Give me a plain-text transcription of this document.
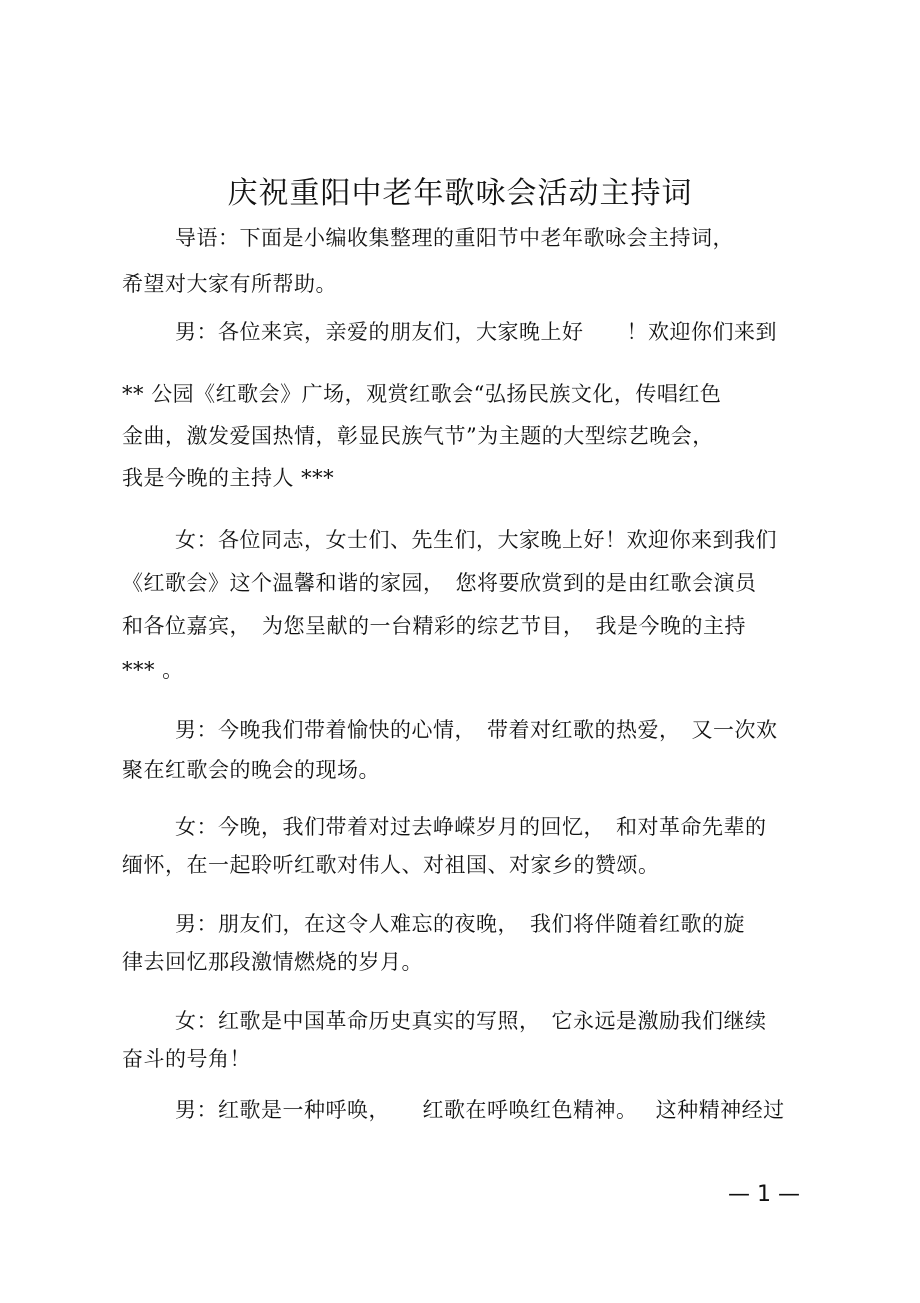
庆祝重阳中老年歌咏会活动主持词
导语：下面是小编收集整理的重阳节中老年歌咏会主持词，
希望对大家有所帮助。
男：各位来宾，亲爱的朋友们，大家晚上好　　！欢迎你们来到
** 公园《红歌会》广场，观赏红歌会“弘扬民族文化，传唱红色
金曲，激发爱国热情，彰显民族气节”为主题的大型综艺晚会，
我是今晚的主持人 ***
女：各位同志，女士们、先生们，大家晚上好！欢迎你来到我们
《红歌会》这个温馨和谐的家园，　您将要欣赏到的是由红歌会演员
和各位嘉宾，　为您呈献的一台精彩的综艺节目，　我是今晚的主持
*** 。
男：今晚我们带着愉快的心情，　带着对红歌的热爱，　又一次欢
聚在红歌会的晚会的现场。
女：今晚，我们带着对过去峥嵘岁月的回忆，　和对革命先辈的
缅怀，在一起聆听红歌对伟人、对祖国、对家乡的赞颂。
男：朋友们，在这令人难忘的夜晚，　我们将伴随着红歌的旋
律去回忆那段激情燃烧的岁月。
女：红歌是中国革命历史真实的写照，　它永远是激励我们继续
奋斗的号角！
男：红歌是一种呼唤，　　红歌在呼唤红色精神。　 这种精神经过
— 1 —
